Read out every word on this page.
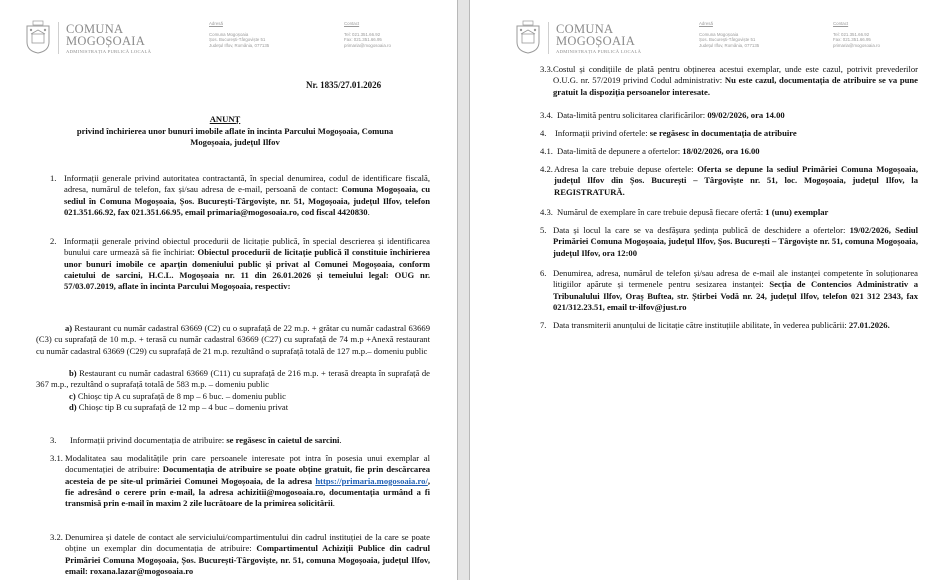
COMUNA
MOGOȘOAIA
ADMINISTRAȚIA PUBLICĂ LOCALĂ
Adresă
Comuna Mogoșoaia
Șos. București-Târgoviște 51
Județul Ilfov, România, 077135
Contact
Tel: 021.351.66.92
Fax: 021.351.66.95
primaria@mogosoaia.ro
Nr. 1835/27.01.2026
ANUNȚ
privind închirierea unor bunuri imobile aflate în incinta Parcului Mogoșoaia, Comuna
Mogoșoaia, județul Ilfov
1. Informații generale privind autoritatea contractantă, în special denumirea, codul de identificare fiscală, adresa, numărul de telefon, fax și/sau adresa de e-mail, persoană de contact: Comuna Mogoșoaia, cu sediul în Comuna Mogoșoaia, Șos. București-Târgoviște, nr. 51, Mogoșoaia, județul Ilfov, telefon 021.351.66.92, fax 021.351.66.95, email primaria@mogosoaia.ro, cod fiscal 4420830.
2. Informații generale privind obiectul procedurii de licitație publică, în special descrierea și identificarea bunului care urmează să fie închiriat: Obiectul procedurii de licitație publică îl constituie închirierea unor bunuri imobile ce aparțin domeniului public și privat al Comunei Mogoșoaia, conform caietului de sarcini, H.C.L. Mogoșoaia nr. 11 din 26.01.2026 și temeiului legal: OUG nr. 57/03.07.2019, aflate în incinta Parcului Mogoșoaia, respectiv:
a) Restaurant cu număr cadastral 63669 (C2) cu o suprafață de 22 m.p. + grătar cu număr cadastral 63669 (C3) cu suprafață de 10 m.p. + terasă cu număr cadastral 63669 (C27) cu suprafață de 74 m.p +Anexă restaurant cu număr cadastral 63669 (C29) cu suprafață de 21 m.p. rezultând o suprafață totală de 127 m.p.– domeniu public
b) Restaurant cu număr cadastral 63669 (C11) cu suprafață de 216 m.p. + terasă dreapta în suprafață de 367 m.p., rezultând o suprafață totală de 583 m.p. – domeniu public
c) Chioșc tip A cu suprafață de 8 mp – 6 buc. – domeniu public
d) Chioșc tip B cu suprafață de 12 mp – 4 buc – domeniu privat
3. Informații privind documentația de atribuire: se regăsesc în caietul de sarcini.
3.1. Modalitatea sau modalitățile prin care persoanele interesate pot intra în posesia unui exemplar al documentației de atribuire: Documentația de atribuire se poate obține gratuit, fie prin descărcarea acesteia de pe site-ul primăriei Comunei Mogoșoaia, de la adresa https://primaria.mogosoaia.ro/, fie adresând o cerere prin e-mail, la adresa achizitii@mogosoaia.ro, documentația urmând a fi transmisă prin e-mail în maxim 2 zile lucrătoare de la primirea solicitării.
3.2. Denumirea și datele de contact ale serviciului/compartimentului din cadrul instituției de la care se poate obține un exemplar din documentația de atribuire: Compartimentul Achiziții Publice din cadrul Primăriei Comuna Mogoșoaia, Șos. București-Târgoviște, nr. 51, comuna Mogoșoaia, județul Ilfov, email: roxana.lazar@mogosoaia.ro
COMUNA
MOGOȘOAIA
ADMINISTRAȚIA PUBLICĂ LOCALĂ
Adresă
Comuna Mogoșoaia
Șos. București-Târgoviște 51
Județul Ilfov, România, 077135
Contact
Tel: 021.351.66.92
Fax: 021.351.66.95
primaria@mogosoaia.ro
3.3. Costul și condițiile de plată pentru obținerea acestui exemplar, unde este cazul, potrivit prevederilor O.U.G. nr. 57/2019 privind Codul administrativ: Nu este cazul, documentația de atribuire se va pune gratuit la dispoziția persoanelor interesate.
3.4. Data-limită pentru solicitarea clarificărilor: 09/02/2026, ora 14.00
4. Informații privind ofertele: se regăsesc în documentația de atribuire
4.1. Data-limită de depunere a ofertelor: 18/02/2026, ora 16.00
4.2. Adresa la care trebuie depuse ofertele: Oferta se depune la sediul Primăriei Comuna Mogoșoaia, județul Ilfov din Șos. București – Târgoviște nr. 51, loc. Mogoșoaia, județul Ilfov, la REGISTRATURĂ.
4.3. Numărul de exemplare în care trebuie depusă fiecare ofertă: 1 (unu) exemplar
5. Data și locul la care se va desfășura ședința publică de deschidere a ofertelor: 19/02/2026, Sediul Primăriei Comuna Mogoșoaia, județul Ilfov, Șos. București – Târgoviște nr. 51, comuna Mogoșoaia, județul Ilfov, ora 12:00
6. Denumirea, adresa, numărul de telefon și/sau adresa de e-mail ale instanței competente în soluționarea litigiilor apărute și termenele pentru sesizarea instanței: Secția de Contencios Administrativ a Tribunalului Ilfov, Oraș Buftea, str. Știrbei Vodă nr. 24, județul Ilfov, telefon 021 312 2343, fax 021/312.23.51, email tr-ilfov@just.ro
7. Data transmiterii anunțului de licitație către instituțiile abilitate, în vederea publicării: 27.01.2026.
